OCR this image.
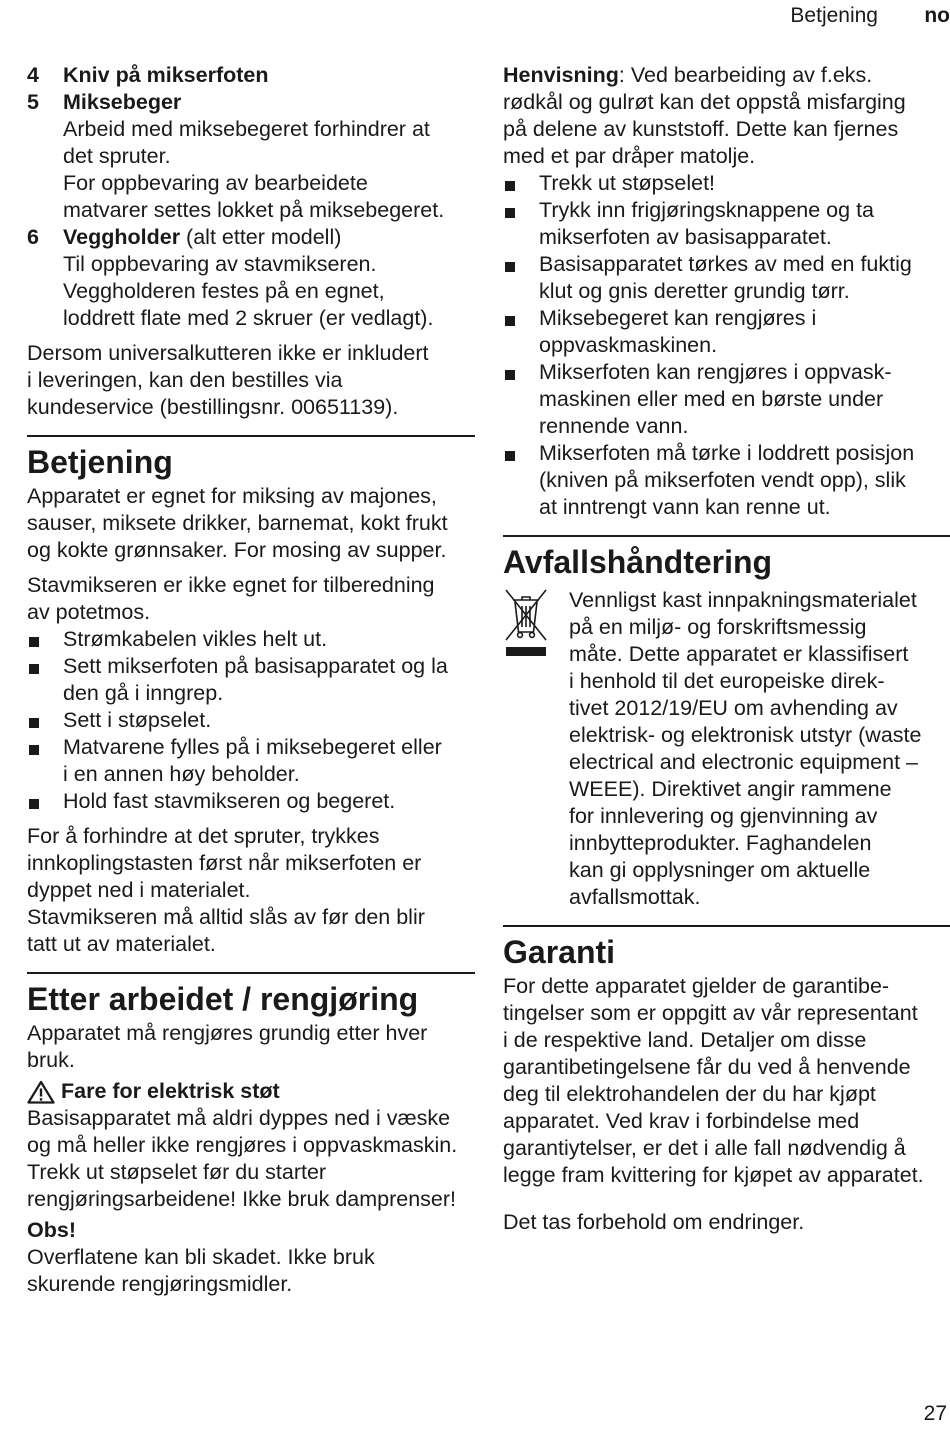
Betjening no
4	Kniv på mikserfoten
5	Miksebeger
Arbeid med miksebegeret forhindrer at
det spruter.
For oppbevaring av bearbeidete
matvarer settes lokket på miksebegeret.
6	Veggholder (alt etter modell)
Til oppbevaring av stavmikseren.
Veggholderen festes på en egnet,
loddrett flate med 2 skruer (er vedlagt).

Dersom universalkutteren ikke er inkludert
i leveringen, kan den bestilles via
kundeservice (bestillingsnr. 00651139).

Betjening

Apparatet er egnet for miksing av majones,
sauser, miksete drikker, barnemat, kokt frukt
og kokte grønnsaker. For mosing av supper.

Stavmikseren er ikke egnet for tilberedning
av potetmos.
Strømkabelen vikles helt ut.
Sett mikserfoten på basisapparatet og la
den gå i inngrep.
Sett i støpselet.
Matvarene fylles på i miksebegeret eller
i en annen høy beholder.
Hold fast stavmikseren og begeret.

For å forhindre at det spruter, trykkes
innkoplingstasten først når mikserfoten er
dyppet ned i materialet.
Stavmikseren må alltid slås av før den blir
tatt ut av materialet.

Etter arbeidet / rengjøring

Apparatet må rengjøres grundig etter hver
bruk.

Fare for elektrisk støt

Basisapparatet må aldri dyppes ned i væske
og må heller ikke rengjøres i oppvaskmaskin.
Trekk ut støpselet før du starter
rengjøringsarbeidene! Ikke bruk damprenser!

Obs!

Overflatene kan bli skadet. Ikke bruk
skurende rengjøringsmidler.

Henvisning: Ved bearbeiding av f.eks.
rødkål og gulrøt kan det oppstå misfarging
på delene av kunststoff. Dette kan fjernes
med et par dråper matolje.
Trekk ut støpselet!
Trykk inn frigjøringsknappene og ta
mikserfoten av basisapparatet.
Basisapparatet tørkes av med en fuktig
klut og gnis deretter grundig tørr.
Miksebegeret kan rengjøres i
oppvaskmaskinen.
Mikserfoten kan rengjøres i oppvask-
maskinen eller med en børste under
rennende vann.
Mikserfoten må tørke i loddrett posisjon
(kniven på mikserfoten vendt opp), slik
at inntrengt vann kan renne ut.
Avfallshåndtering
Vennligst kast innpakningsmaterialet
på en miljø- og forskriftsmessig
måte. Dette apparatet er klassifisert
i henhold til det europeiske direk-
tivet 2012/19/EU om avhending av
elektrisk- og elektronisk utstyr (waste
electrical and electronic equipment –
WEEE). Direktivet angir rammene
for innlevering og gjenvinning av
innbytteprodukter. Faghandelen
kan gi opplysninger om aktuelle
avfallsmottak.
Garanti
For dette apparatet gjelder de garantibe-
tingelser som er oppgitt av vår representant
i de respektive land. Detaljer om disse
garantibetingelsene får du ved å henvende
deg til elektrohandelen der du har kjøpt
apparatet. Ved krav i forbindelse med
garantiytelser, er det i alle fall nødvendig å
legge fram kvittering for kjøpet av apparatet.
Det tas forbehold om endringer.
27
